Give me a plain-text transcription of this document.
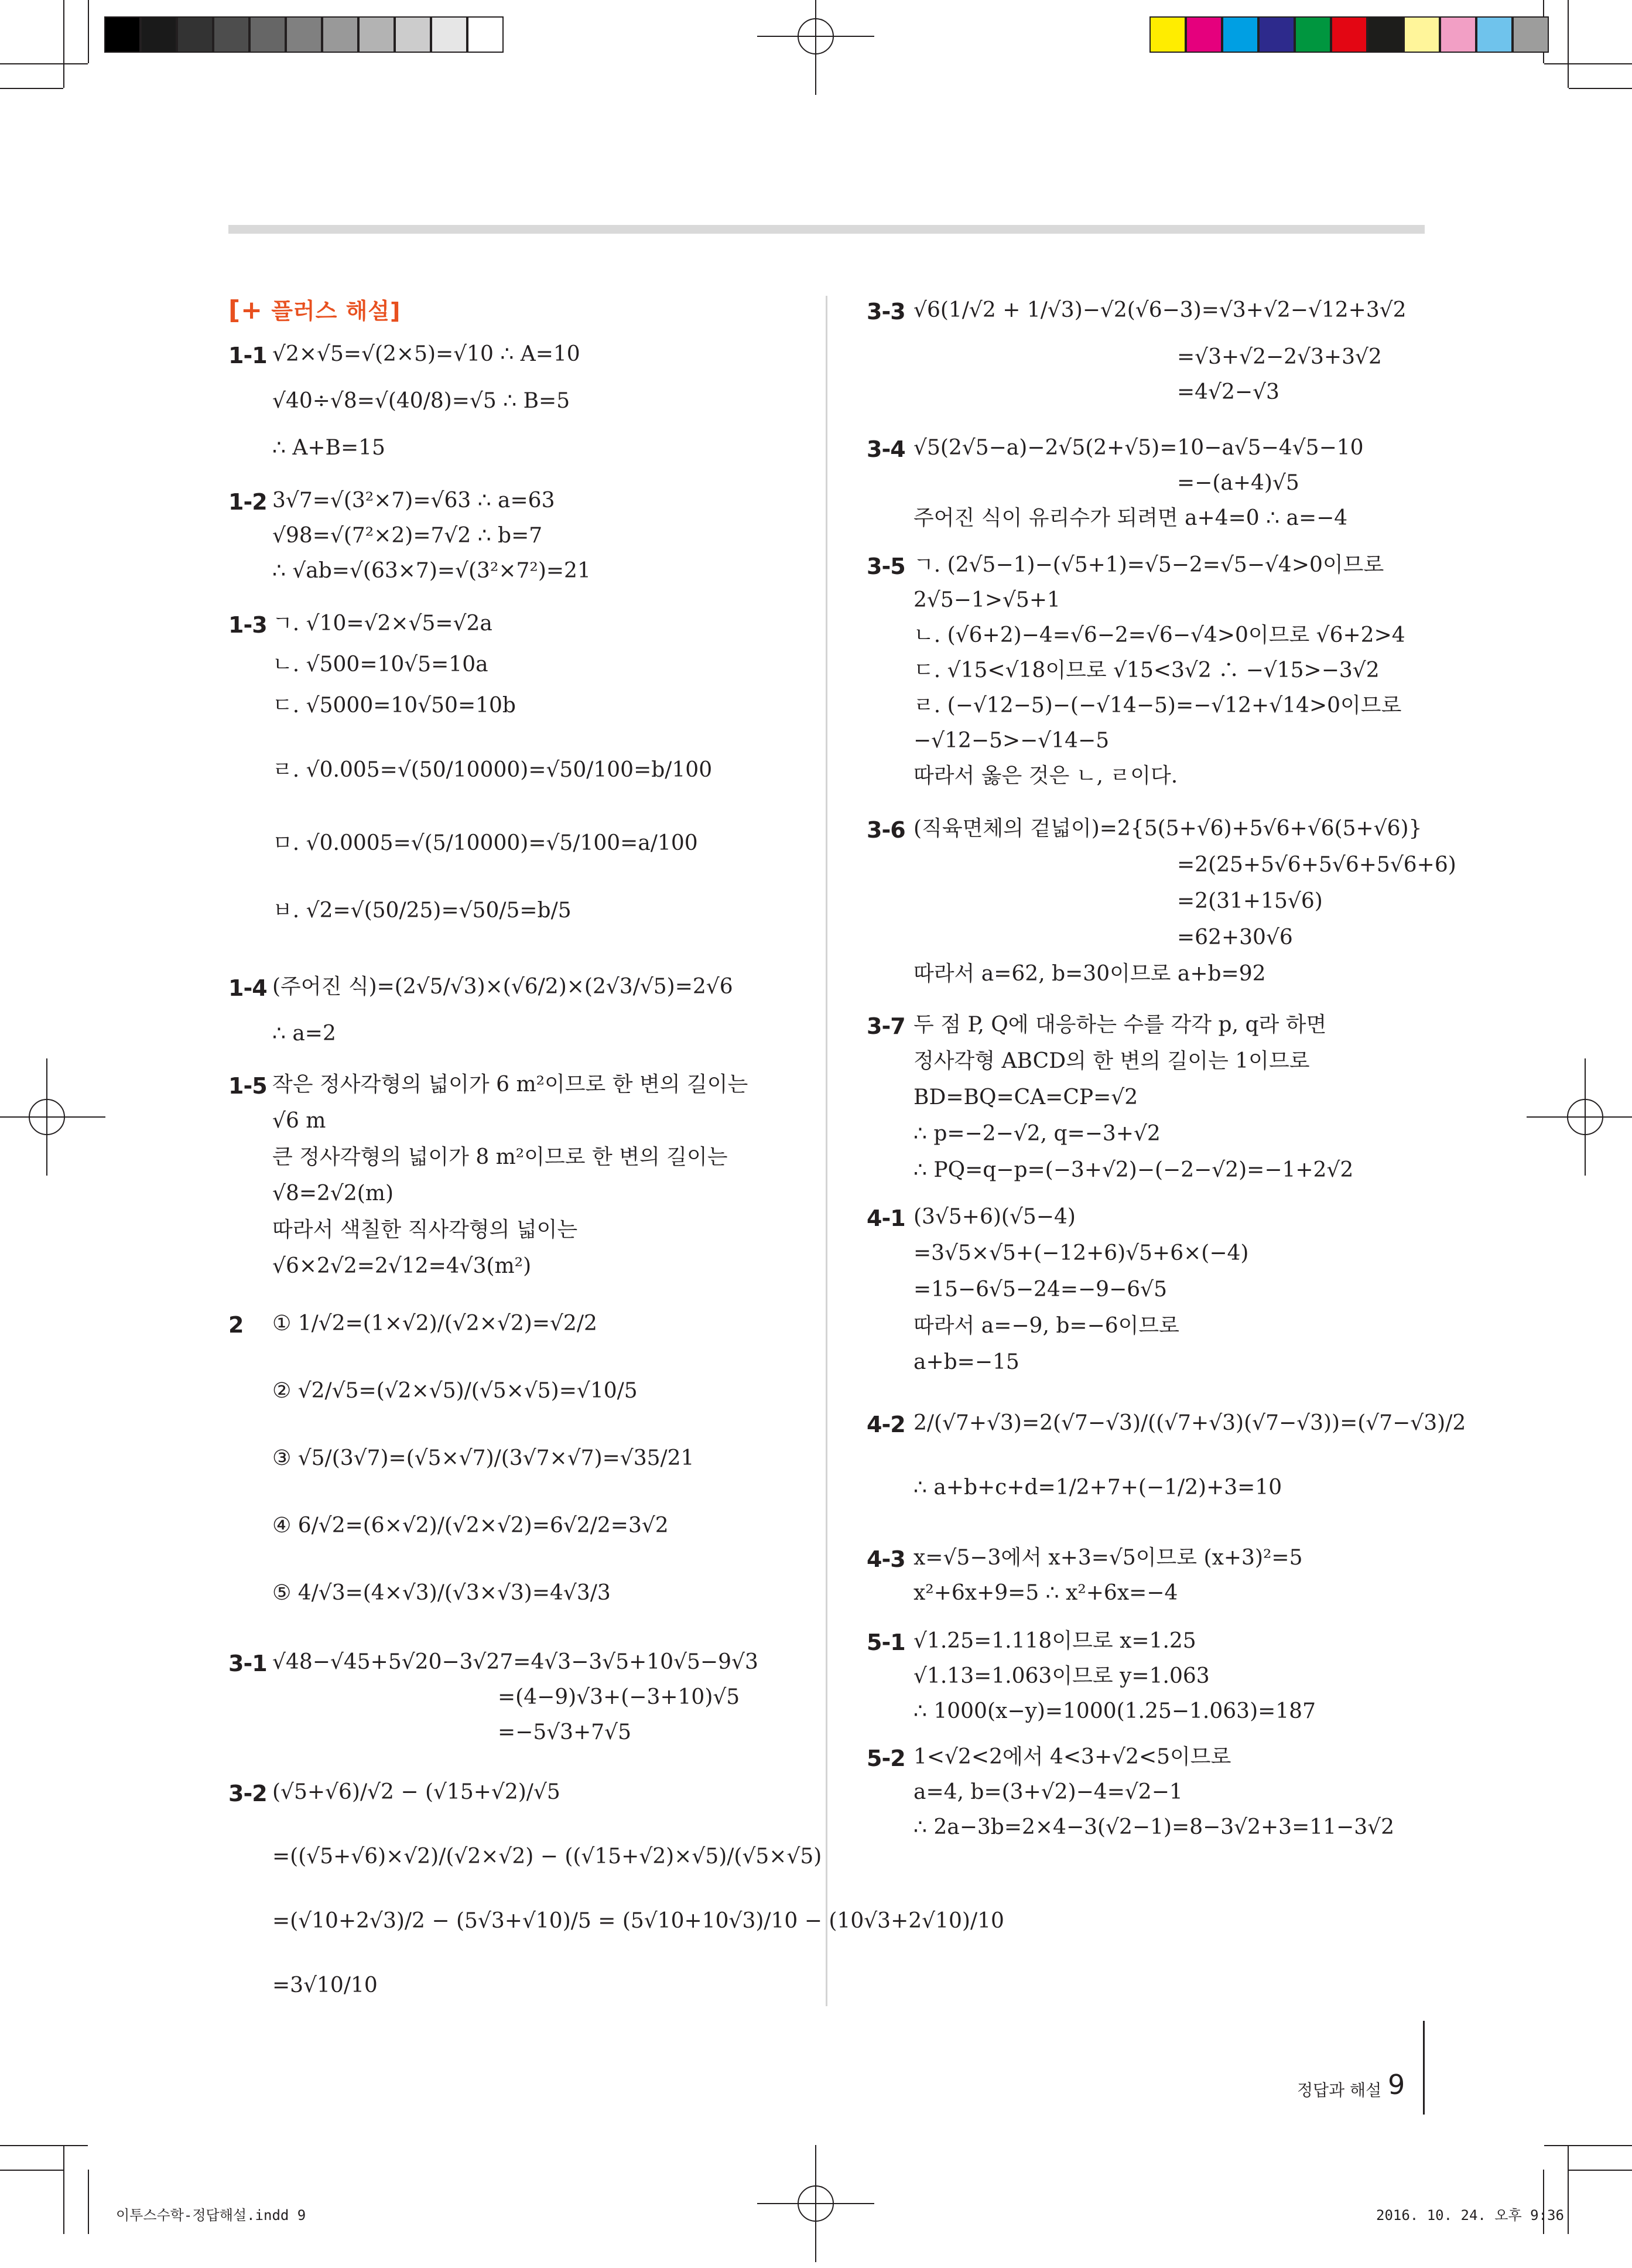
[+ 플러스 해설]
1-1 √2×√5=√(2×5)=√10 ∴ A=10
√40÷√8=√(40/8)=√5 ∴ B=5
∴ A+B=15
1-2 3√7=√(3²×7)=√63 ∴ a=63
√98=√(7²×2)=7√2 ∴ b=7
∴ √ab=√(63×7)=√(3²×7²)=21
1-3 ㄱ. √10=√2×√5=√2a
ㄴ. √500=10√5=10a
ㄷ. √5000=10√50=10b
ㄹ. √0.005=√(50/10000)=√50/100=b/100
ㅁ. √0.0005=√(5/10000)=√5/100=a/100
ㅂ. √2=√(50/25)=√50/5=b/5
1-4 (주어진 식)=(2√5/√3)×(√6/2)×(2√3/√5)=2√6
∴ a=2
1-5 작은 정사각형의 넓이가 6 m²이므로 한 변의 길이는
√6 m
큰 정사각형의 넓이가 8 m²이므로 한 변의 길이는
√8=2√2(m)
따라서 색칠한 직사각형의 넓이는
√6×2√2=2√12=4√3(m²)
2 ① 1/√2=(1×√2)/(√2×√2)=√2/2
② √2/√5=(√2×√5)/(√5×√5)=√10/5
③ √5/(3√7)=(√5×√7)/(3√7×√7)=√35/21
④ 6/√2=(6×√2)/(√2×√2)=6√2/2=3√2
⑤ 4/√3=(4×√3)/(√3×√3)=4√3/3
3-1 √48−√45+5√20−3√27=4√3−3√5+10√5−9√3
=(4−9)√3+(−3+10)√5
=−5√3+7√5
3-2 (√5+√6)/√2 − (√15+√2)/√5
=((√5+√6)×√2)/(√2×√2) − ((√15+√2)×√5)/(√5×√5)
=(√10+2√3)/2 − (5√3+√10)/5 = (5√10+10√3)/10 − (10√3+2√10)/10
=3√10/10
3-3 √6(1/√2 + 1/√3)−√2(√6−3)=√3+√2−√12+3√2
=√3+√2−2√3+3√2
=4√2−√3
3-4 √5(2√5−a)−2√5(2+√5)=10−a√5−4√5−10
=−(a+4)√5
주어진 식이 유리수가 되려면 a+4=0 ∴ a=−4
3-5 ㄱ. (2√5−1)−(√5+1)=√5−2=√5−√4>0이므로
2√5−1>√5+1
ㄴ. (√6+2)−4=√6−2=√6−√4>0이므로 √6+2>4
ㄷ. √15<√18이므로 √15<3√2 ∴ −√15>−3√2
ㄹ. (−√12−5)−(−√14−5)=−√12+√14>0이므로
−√12−5>−√14−5
따라서 옳은 것은 ㄴ, ㄹ이다.
3-6 (직육면체의 겉넓이)=2{5(5+√6)+5√6+√6(5+√6)}
=2(25+5√6+5√6+5√6+6)
=2(31+15√6)
=62+30√6
따라서 a=62, b=30이므로 a+b=92
3-7 두 점 P, Q에 대응하는 수를 각각 p, q라 하면
정사각형 ABCD의 한 변의 길이는 1이므로
BD=BQ=CA=CP=√2
∴ p=−2−√2, q=−3+√2
∴ PQ=q−p=(−3+√2)−(−2−√2)=−1+2√2
4-1 (3√5+6)(√5−4)
=3√5×√5+(−12+6)√5+6×(−4)
=15−6√5−24=−9−6√5
따라서 a=−9, b=−6이므로
a+b=−15
4-2 2/(√7+√3)=2(√7−√3)/((√7+√3)(√7−√3))=(√7−√3)/2
∴ a+b+c+d=1/2+7+(−1/2)+3=10
4-3 x=√5−3에서 x+3=√5이므로 (x+3)²=5
x²+6x+9=5 ∴ x²+6x=−4
5-1 √1.25=1.118이므로 x=1.25
√1.13=1.063이므로 y=1.063
∴ 1000(x−y)=1000(1.25−1.063)=187
5-2 1<√2<2에서 4<3+√2<5이므로
a=4, b=(3+√2)−4=√2−1
∴ 2a−3b=2×4−3(√2−1)=8−3√2+3=11−3√2
정답과 해설 9
이투스수학-정답해설.indd 9	2016. 10. 24. 오후 9:36
